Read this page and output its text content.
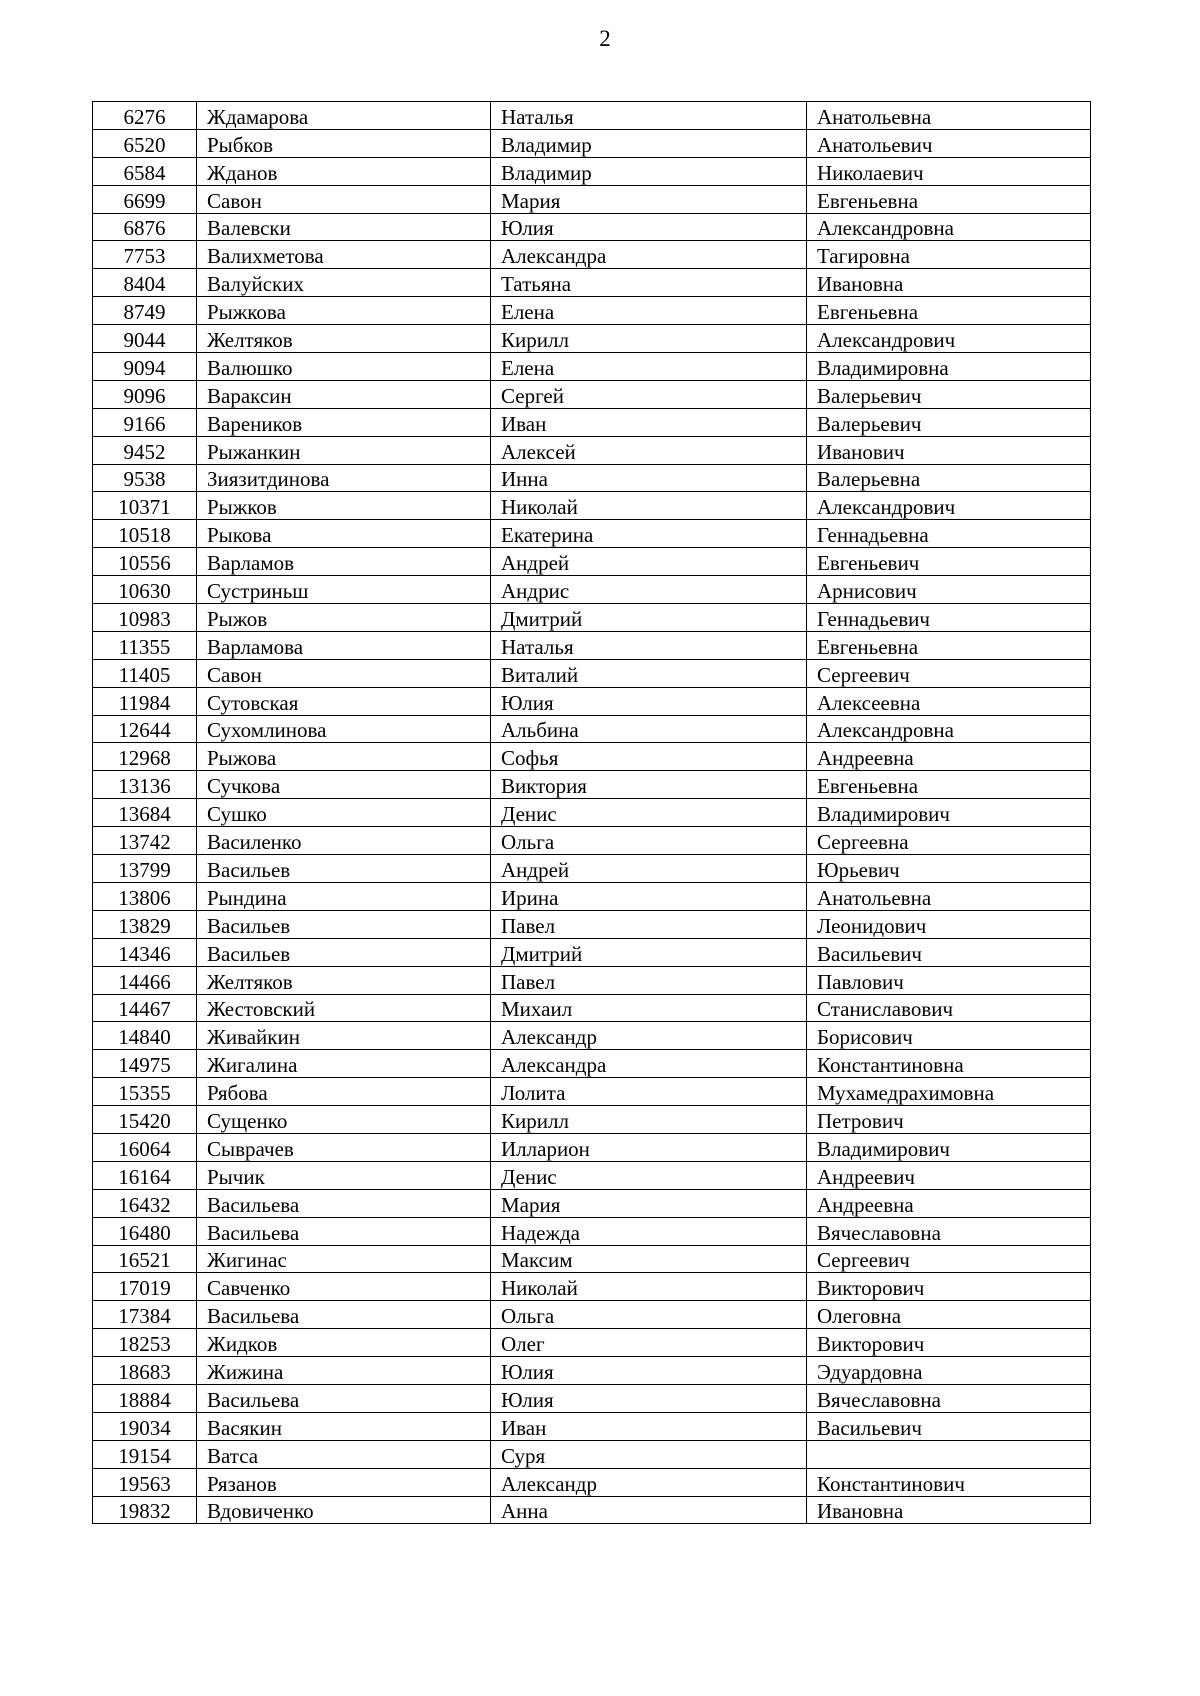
2
6276	Ждамарова	Наталья	Анатольевна
6520	Рыбков	Владимир	Анатольевич
6584	Жданов	Владимир	Николаевич
6699	Савон	Мария	Евгеньевна
6876	Валевски	Юлия	Александровна
7753	Валихметова	Александра	Тагировна
8404	Валуйских	Татьяна	Ивановна
8749	Рыжкова	Елена	Евгеньевна
9044	Желтяков	Кирилл	Александрович
9094	Валюшко	Елена	Владимировна
9096	Вараксин	Сергей	Валерьевич
9166	Вареников	Иван	Валерьевич
9452	Рыжанкин	Алексей	Иванович
9538	Зиязитдинова	Инна	Валерьевна
10371	Рыжков	Николай	Александрович
10518	Рыкова	Екатерина	Геннадьевна
10556	Варламов	Андрей	Евгеньевич
10630	Сустриньш	Андрис	Арнисович
10983	Рыжов	Дмитрий	Геннадьевич
11355	Варламова	Наталья	Евгеньевна
11405	Савон	Виталий	Сергеевич
11984	Сутовская	Юлия	Алексеевна
12644	Сухомлинова	Альбина	Александровна
12968	Рыжова	Софья	Андреевна
13136	Сучкова	Виктория	Евгеньевна
13684	Сушко	Денис	Владимирович
13742	Василенко	Ольга	Сергеевна
13799	Васильев	Андрей	Юрьевич
13806	Рындина	Ирина	Анатольевна
13829	Васильев	Павел	Леонидович
14346	Васильев	Дмитрий	Васильевич
14466	Желтяков	Павел	Павлович
14467	Жестовский	Михаил	Станиславович
14840	Живайкин	Александр	Борисович
14975	Жигалина	Александра	Константиновна
15355	Рябова	Лолита	Мухамедрахимовна
15420	Сущенко	Кирилл	Петрович
16064	Сыврачев	Илларион	Владимирович
16164	Рычик	Денис	Андреевич
16432	Васильева	Мария	Андреевна
16480	Васильева	Надежда	Вячеславовна
16521	Жигинас	Максим	Сергеевич
17019	Савченко	Николай	Викторович
17384	Васильева	Ольга	Олеговна
18253	Жидков	Олег	Викторович
18683	Жижина	Юлия	Эдуардовна
18884	Васильева	Юлия	Вячеславовна
19034	Васякин	Иван	Васильевич
19154	Ватса	Суря	
19563	Рязанов	Александр	Константинович
19832	Вдовиченко	Анна	Ивановна
